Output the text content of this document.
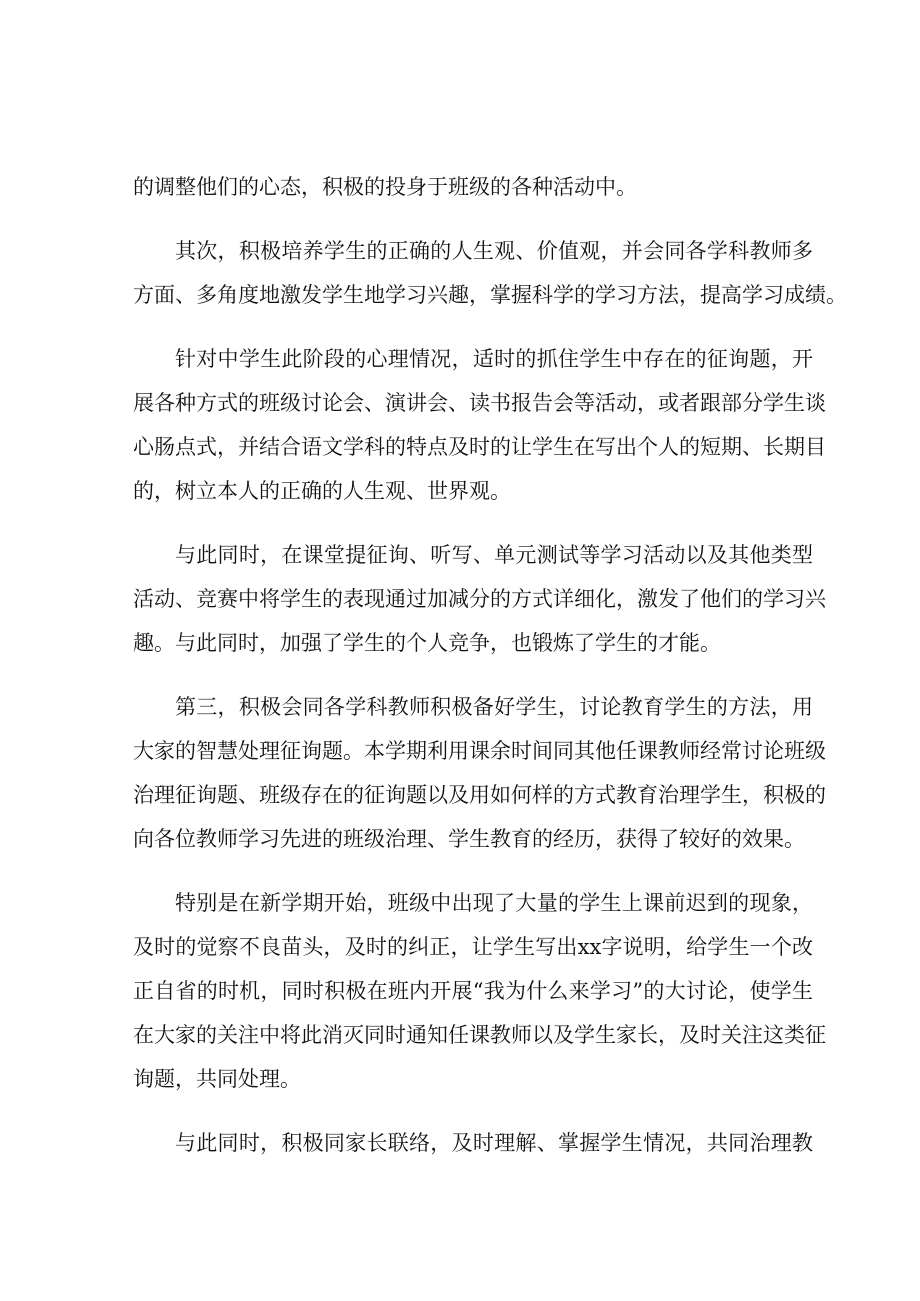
的调整他们的心态，积极的投身于班级的各种活动中。
其次，积极培养学生的正确的人生观、价值观，并会同各学科教师多
方面、多角度地激发学生地学习兴趣，掌握科学的学习方法，提高学习成绩。
针对中学生此阶段的心理情况，适时的抓住学生中存在的征询题，开
展各种方式的班级讨论会、演讲会、读书报告会等活动，或者跟部分学生谈
心肠点式，并结合语文学科的特点及时的让学生在写出个人的短期、长期目
的，树立本人的正确的人生观、世界观。
与此同时，在课堂提征询、听写、单元测试等学习活动以及其他类型
活动、竞赛中将学生的表现通过加减分的方式详细化，激发了他们的学习兴
趣。与此同时，加强了学生的个人竞争，也锻炼了学生的才能。
第三，积极会同各学科教师积极备好学生，讨论教育学生的方法，用
大家的智慧处理征询题。本学期利用课余时间同其他任课教师经常讨论班级
治理征询题、班级存在的征询题以及用如何样的方式教育治理学生，积极的
向各位教师学习先进的班级治理、学生教育的经历，获得了较好的效果。
特别是在新学期开始，班级中出现了大量的学生上课前迟到的现象，
及时的觉察不良苗头，及时的纠正，让学生写出xx字说明，给学生一个改
正自省的时机，同时积极在班内开展“我为什么来学习”的大讨论，使学生
在大家的关注中将此消灭同时通知任课教师以及学生家长，及时关注这类征
询题，共同处理。
与此同时，积极同家长联络，及时理解、掌握学生情况，共同治理教
